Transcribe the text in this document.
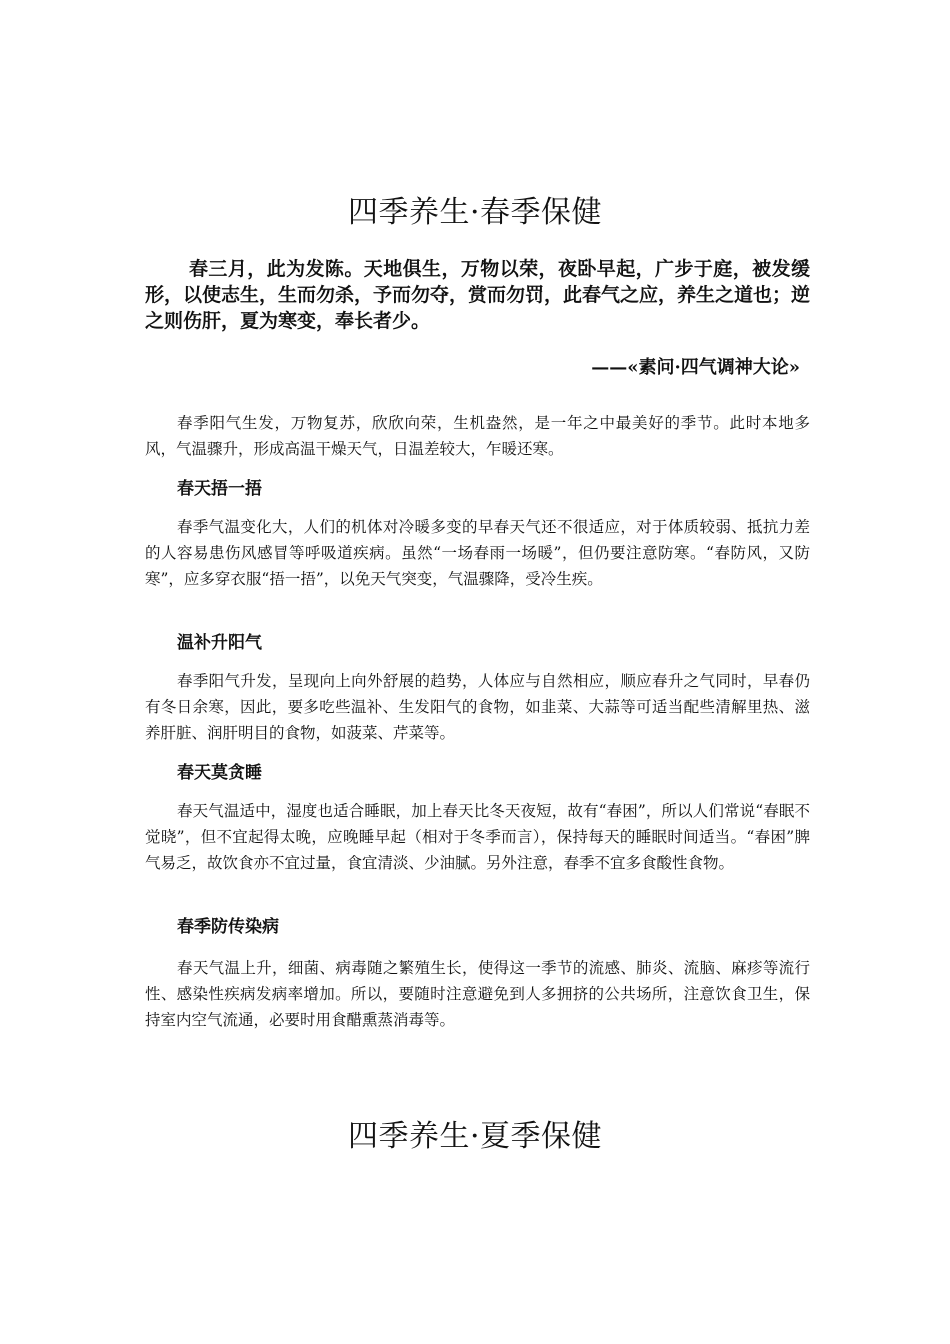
四季养生·春季保健

春三月，此为发陈。天地俱生，万物以荣，夜卧早起，广步于庭，被发缓形，以使志生，生而勿杀，予而勿夺，赏而勿罚，此春气之应，养生之道也；逆之则伤肝，夏为寒变，奉长者少。

——«素问·四气调神大论»

春季阳气生发，万物复苏，欣欣向荣，生机盎然，是一年之中最美好的季节。此时本地多风，气温骤升，形成高温干燥天气，日温差较大，乍暖还寒。

春天捂一捂

春季气温变化大，人们的机体对冷暖多变的早春天气还不很适应，对于体质较弱、抵抗力差的人容易患伤风感冒等呼吸道疾病。虽然“一场春雨一场暖”，但仍要注意防寒。“春防风，又防寒”，应多穿衣服“捂一捂”，以免天气突变，气温骤降，受冷生疾。

温补升阳气

春季阳气升发，呈现向上向外舒展的趋势，人体应与自然相应，顺应春升之气同时，早春仍有冬日余寒，因此，要多吃些温补、生发阳气的食物，如韭菜、大蒜等可适当配些清解里热、滋养肝脏、润肝明目的食物，如菠菜、芹菜等。

春天莫贪睡

春天气温适中，湿度也适合睡眠，加上春天比冬天夜短，故有“春困”，所以人们常说“春眠不觉晓”，但不宜起得太晚，应晚睡早起（相对于冬季而言），保持每天的睡眠时间适当。“春困”脾气易乏，故饮食亦不宜过量，食宜清淡、少油腻。另外注意，春季不宜多食酸性食物。

春季防传染病

春天气温上升，细菌、病毒随之繁殖生长，使得这一季节的流感、肺炎、流脑、麻疹等流行性、感染性疾病发病率增加。所以，要随时注意避免到人多拥挤的公共场所，注意饮食卫生，保持室内空气流通，必要时用食醋熏蒸消毒等。

四季养生·夏季保健
